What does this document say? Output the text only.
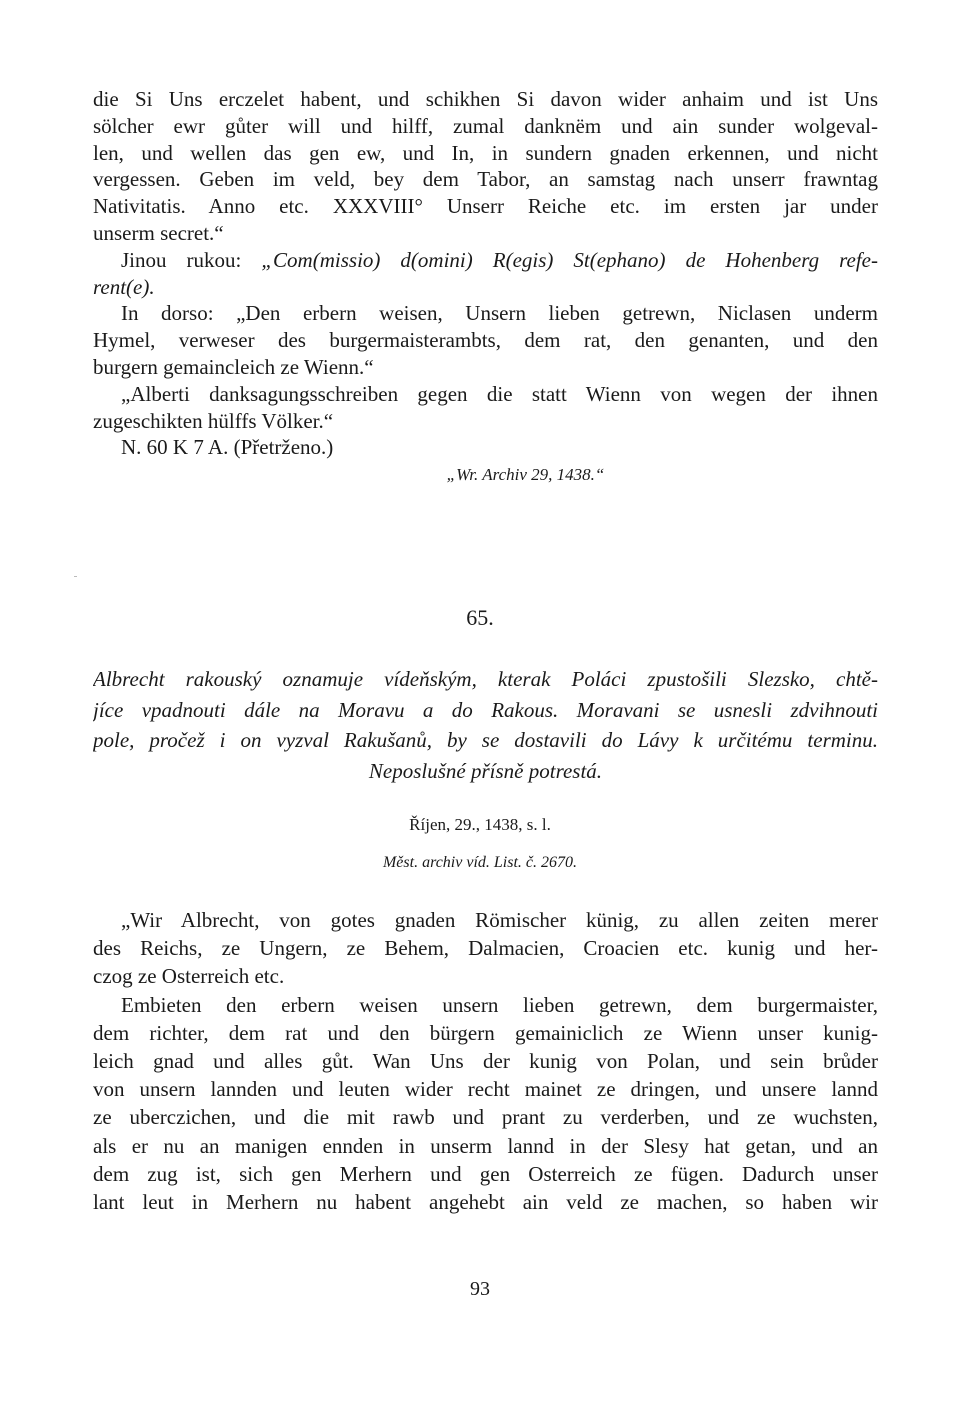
die Si Uns erczelet habent, und schikhen Si davon wider anhaim und ist Uns
sölcher ewr gůter will und hilff, zumal danknëm und ain sunder wolgeval-
len, und wellen das gen ew, und In, in sundern gnaden erkennen, und nicht
vergessen. Geben im veld, bey dem Tabor, an samstag nach unserr frawntag
Nativitatis. Anno etc. XXXVIII° Unserr Reiche etc. im ersten jar under
unserm secret.“
Jinou rukou: „Com(missio) d(omini) R(egis) St(ephano) de Hohenberg refe-
rent(e).
In dorso: „Den erbern weisen, Unsern lieben getrewn, Niclasen underm
Hymel, verweser des burgermaisterambts, dem rat, den genanten, und den
burgern gemaincleich ze Wienn.“
„Alberti danksagungsschreiben gegen die statt Wienn von wegen der ihnen
zugeschikten hülffs Völker.“
N. 60 K 7 A. (Přetrženo.)
„Wr. Archiv 29, 1438.“
65.
Albrecht rakouský oznamuje vídeňským, kterak Poláci zpustošili Slezsko, chtě-
jíce vpadnouti dále na Moravu a do Rakous. Moravani se usnesli zdvihnouti
pole, pročež i on vyzval Rakušanů, by se dostavili do Lávy k určitému terminu.
Neposlušné přísně potrestá.
Říjen, 29., 1438, s. l.
Měst. archiv víd. List. č. 2670.
„Wir Albrecht, von gotes gnaden Römischer künig, zu allen zeiten merer
des Reichs, ze Ungern, ze Behem, Dalmacien, Croacien etc. kunig und her-
czog ze Osterreich etc.
Embieten den erbern weisen unsern lieben getrewn, dem burgermaister,
dem richter, dem rat und den bürgern gemainiclich ze Wienn unser kunig-
leich gnad und alles gůt. Wan Uns der kunig von Polan, und sein brůder
von unsern lannden und leuten wider recht mainet ze dringen, und unsere lannd
ze uberczichen, und die mit rawb und prant zu verderben, und ze wuchsten,
als er nu an manigen ennden in unserm lannd in der Slesy hat getan, und an
dem zug ist, sich gen Merhern und gen Osterreich ze fügen. Dadurch unser
lant leut in Merhern nu habent angehebt ain veld ze machen, so haben wir
93
